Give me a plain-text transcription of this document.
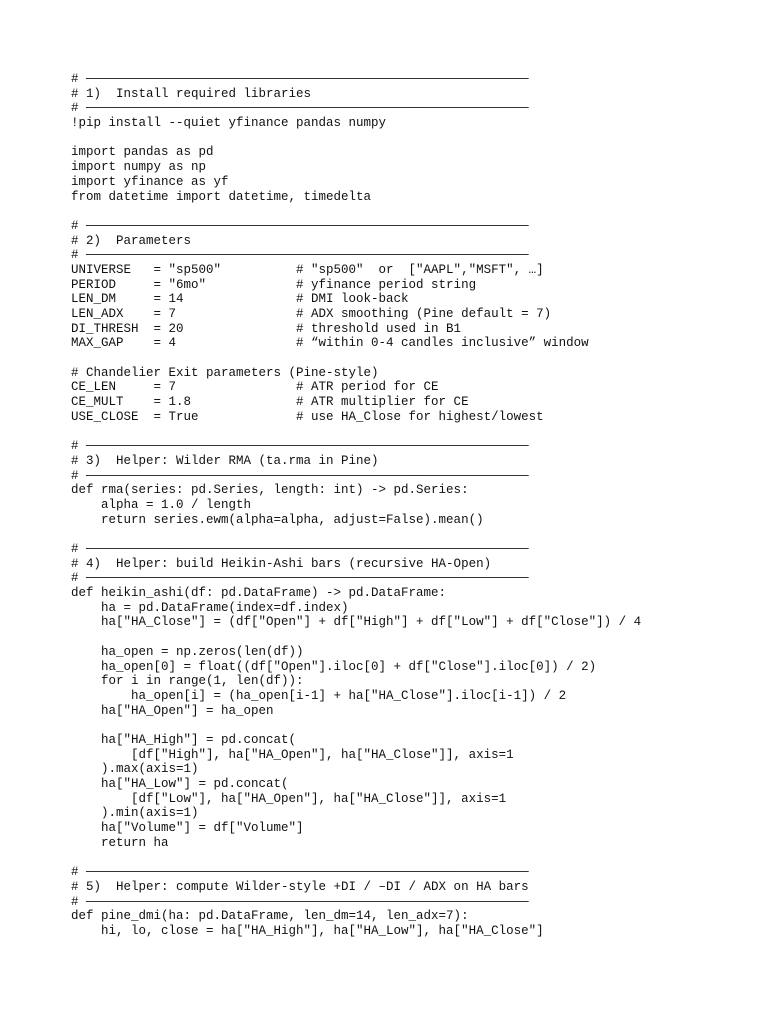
# ———————————————————————————————————————————————————————————
# 1)  Install required libraries
# ———————————————————————————————————————————————————————————
!pip install --quiet yfinance pandas numpy
import pandas as pd
import numpy as np
import yfinance as yf
from datetime import datetime, timedelta
# ———————————————————————————————————————————————————————————
# 2)  Parameters
# ———————————————————————————————————————————————————————————
UNIVERSE   = "sp500"          # "sp500"  or  ["AAPL","MSFT", …]
PERIOD     = "6mo"            # yfinance period string
LEN_DM     = 14               # DMI look-back
LEN_ADX    = 7                # ADX smoothing (Pine default = 7)
DI_THRESH  = 20               # threshold used in B1
MAX_GAP    = 4                # “within 0-4 candles inclusive” window
# Chandelier Exit parameters (Pine-style)
CE_LEN     = 7                # ATR period for CE
CE_MULT    = 1.8              # ATR multiplier for CE
USE_CLOSE  = True             # use HA_Close for highest/lowest
# ———————————————————————————————————————————————————————————
# 3)  Helper: Wilder RMA (ta.rma in Pine)
# ———————————————————————————————————————————————————————————
def rma(series: pd.Series, length: int) -> pd.Series:
alpha = 1.0 / length
return series.ewm(alpha=alpha, adjust=False).mean()
# ———————————————————————————————————————————————————————————
# 4)  Helper: build Heikin-Ashi bars (recursive HA-Open)
# ———————————————————————————————————————————————————————————
def heikin_ashi(df: pd.DataFrame) -> pd.DataFrame:
ha = pd.DataFrame(index=df.index)
ha["HA_Close"] = (df["Open"] + df["High"] + df["Low"] + df["Close"]) / 4
ha_open = np.zeros(len(df))
ha_open[0] = float((df["Open"].iloc[0] + df["Close"].iloc[0]) / 2)
for i in range(1, len(df)):
ha_open[i] = (ha_open[i-1] + ha["HA_Close"].iloc[i-1]) / 2
ha["HA_Open"] = ha_open
ha["HA_High"] = pd.concat(
[df["High"], ha["HA_Open"], ha["HA_Close"]], axis=1
).max(axis=1)
ha["HA_Low"] = pd.concat(
[df["Low"], ha["HA_Open"], ha["HA_Close"]], axis=1
).min(axis=1)
ha["Volume"] = df["Volume"]
return ha
# ———————————————————————————————————————————————————————————
# 5)  Helper: compute Wilder-style +DI / –DI / ADX on HA bars
# ———————————————————————————————————————————————————————————
def pine_dmi(ha: pd.DataFrame, len_dm=14, len_adx=7):
hi, lo, close = ha["HA_High"], ha["HA_Low"], ha["HA_Close"]
